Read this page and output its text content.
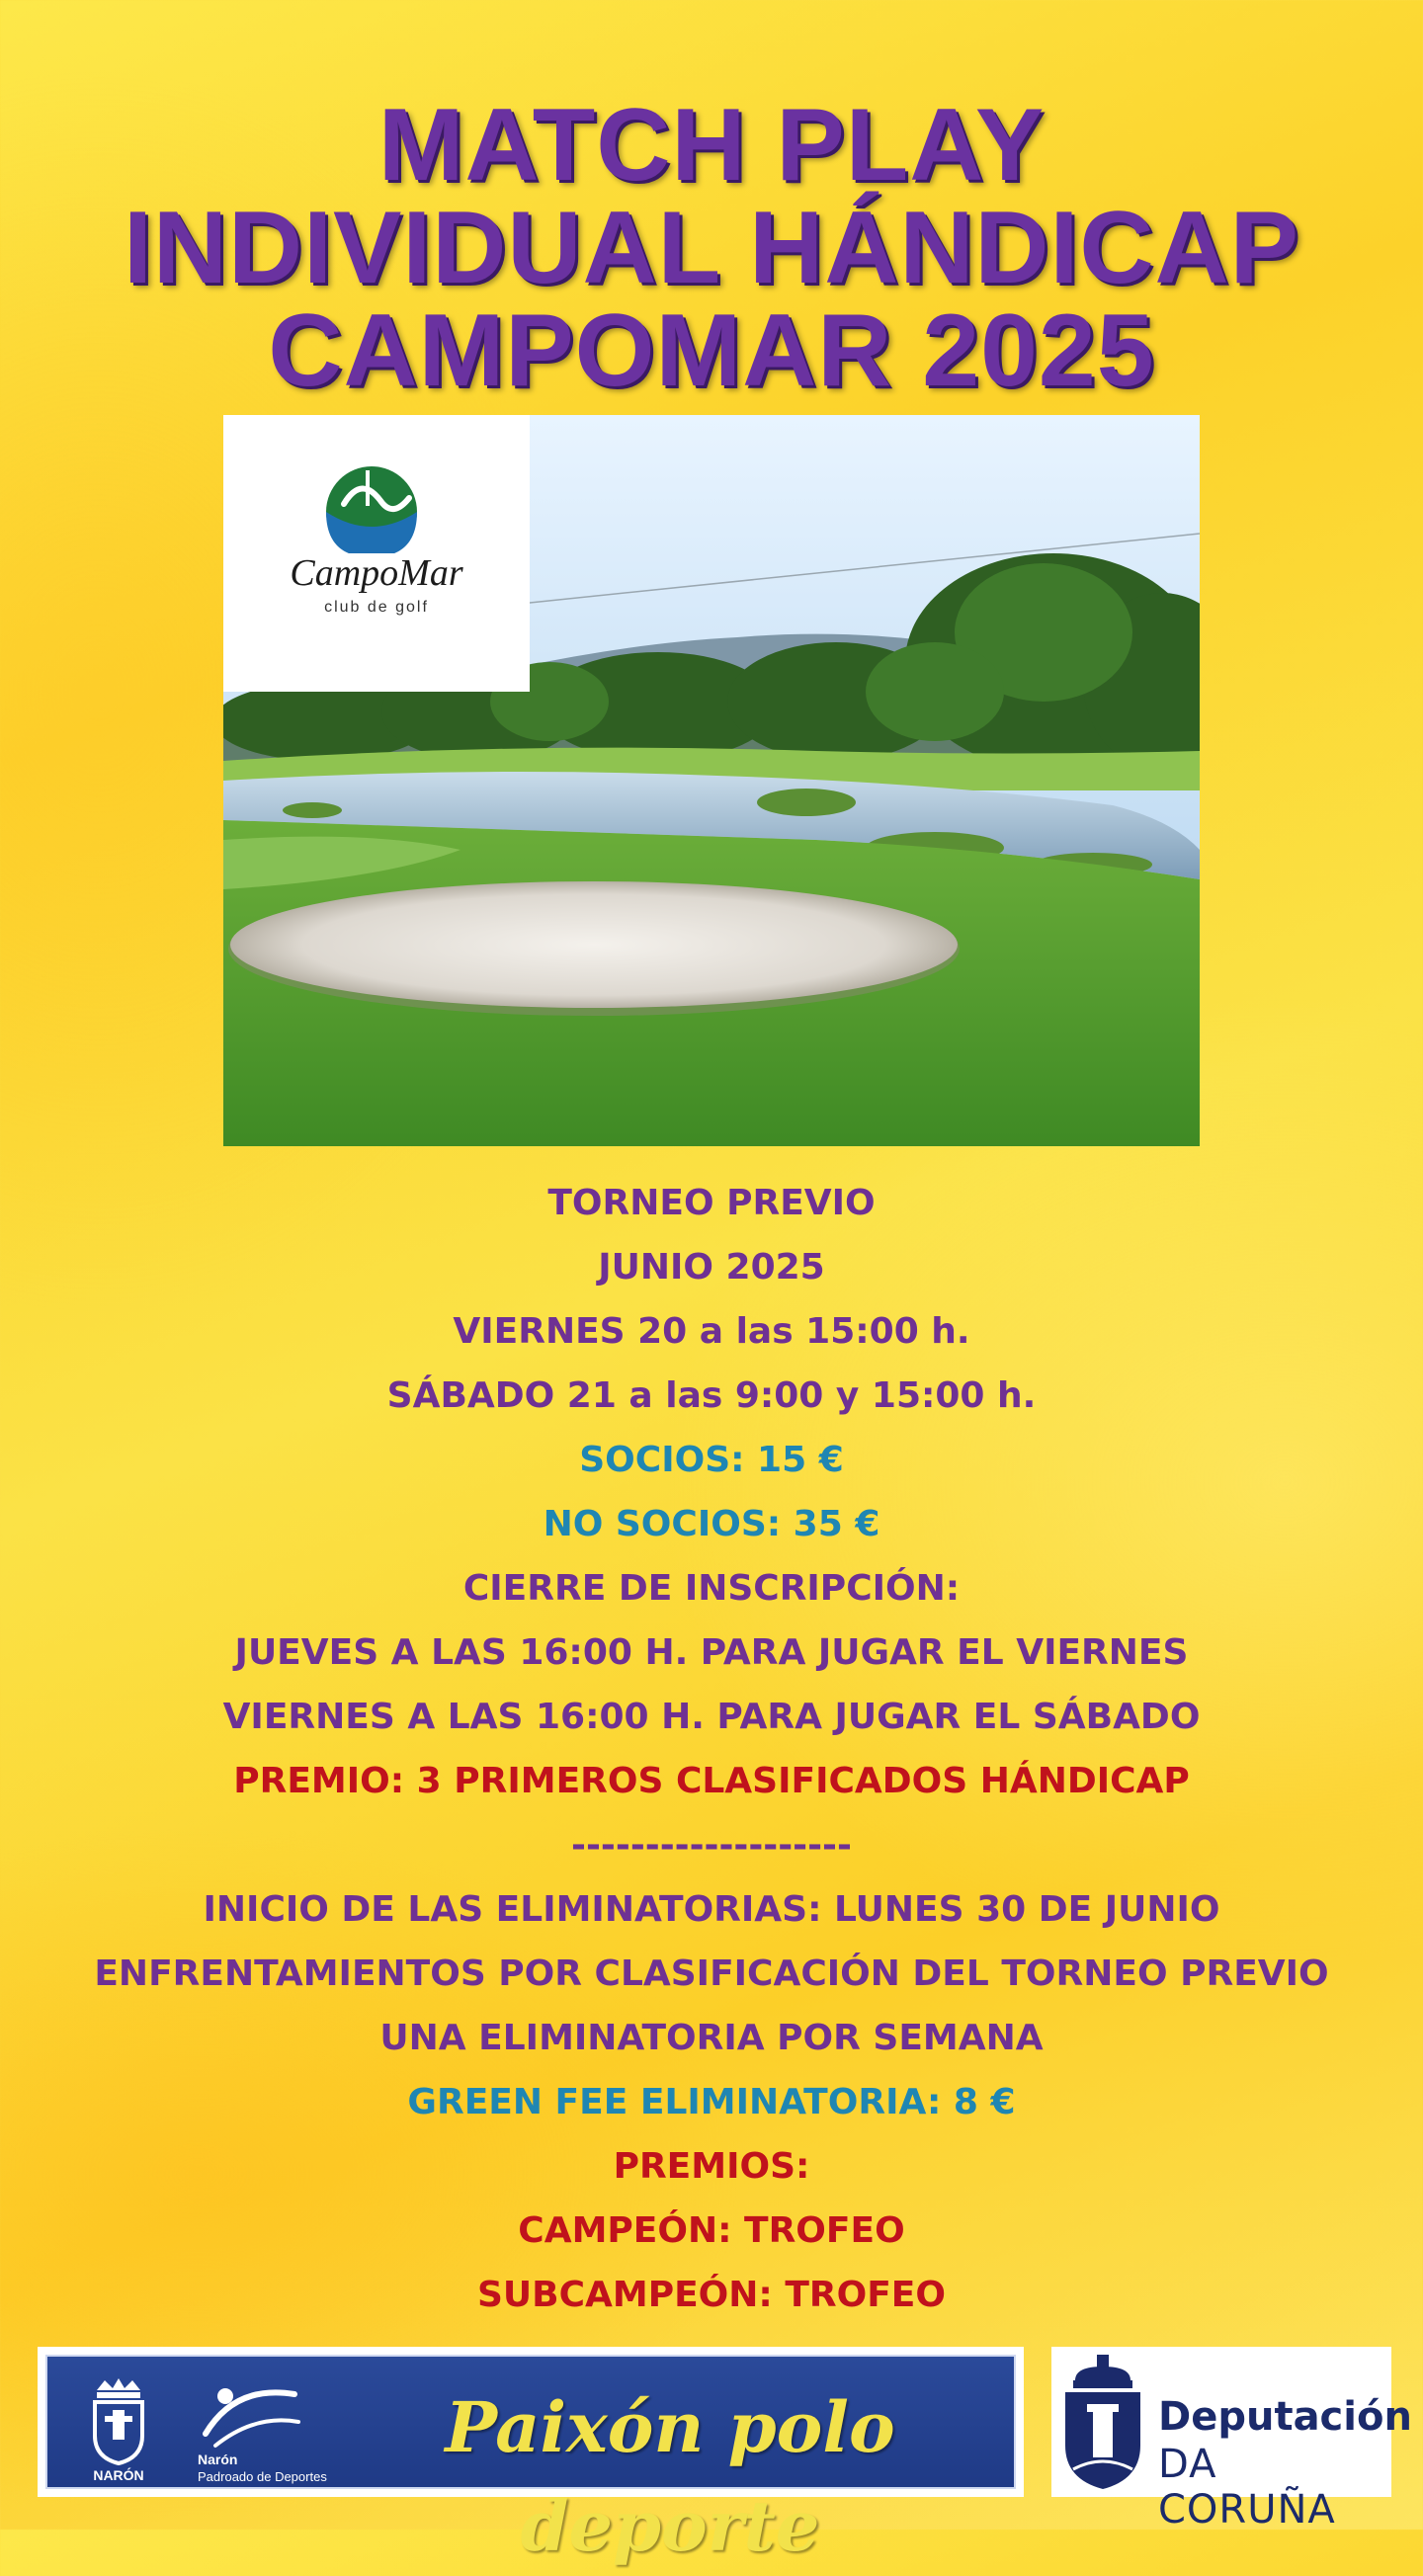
MATCH PLAY
INDIVIDUAL HÁNDICAP
CAMPOMAR 2025
CampoMar
club de golf
TORNEO PREVIO
JUNIO 2025
VIERNES 20 a las 15:00 h.
SÁBADO 21 a las 9:00 y 15:00 h.
SOCIOS: 15 €
NO SOCIOS: 35 €
CIERRE DE INSCRIPCIÓN:
JUEVES A LAS 16:00 H. PARA JUGAR EL VIERNES
VIERNES A LAS 16:00 H. PARA JUGAR EL SÁBADO
PREMIO: 3 PRIMEROS CLASIFICADOS HÁNDICAP
-------------------
INICIO DE LAS ELIMINATORIAS: LUNES 30 DE JUNIO
ENFRENTAMIENTOS POR CLASIFICACIÓN DEL TORNEO PREVIO
UNA ELIMINATORIA POR SEMANA
GREEN FEE ELIMINATORIA: 8 €
PREMIOS:
CAMPEÓN: TROFEO
SUBCAMPEÓN: TROFEO
NARÓN
Narón
Padroado de Deportes
Paixón polo deporte
Deputación
DA CORUÑA
